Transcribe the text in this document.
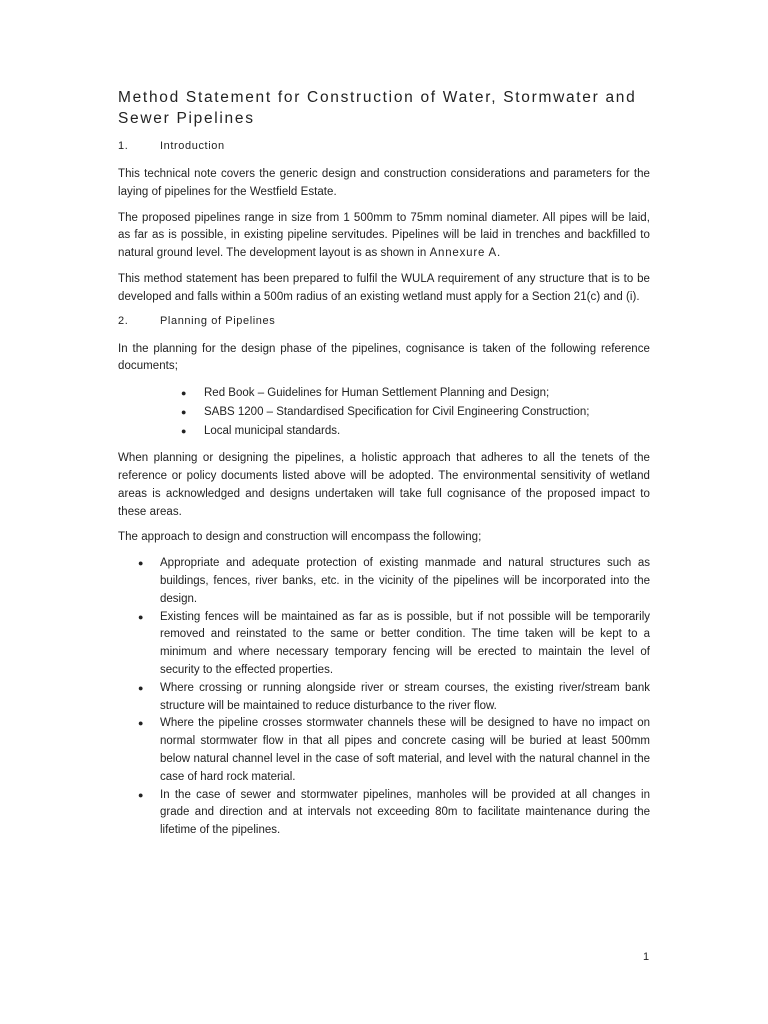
Method Statement for Construction of Water, Stormwater and Sewer Pipelines
1.	Introduction

This technical note covers the generic design and construction considerations and parameters for the laying of pipelines for the Westfield Estate.

The proposed pipelines range in size from 1 500mm to 75mm nominal diameter. All pipes will be laid, as far as is possible, in existing pipeline servitudes. Pipelines will be laid in trenches and backfilled to natural ground level. The development layout is as shown in Annexure A.

This method statement has been prepared to fulfil the WULA requirement of any structure that is to be developed and falls within a 500m radius of an existing wetland must apply for a Section 21(c) and (i).

2.	Planning of Pipelines

In the planning for the design phase of the pipelines, cognisance is taken of the following reference documents;

● Red Book – Guidelines for Human Settlement Planning and Design;
● SABS 1200 – Standardised Specification for Civil Engineering Construction;
● Local municipal standards.

When planning or designing the pipelines, a holistic approach that adheres to all the tenets of the reference or policy documents listed above will be adopted. The environmental sensitivity of wetland areas is acknowledged and designs undertaken will take full cognisance of the proposed impact to these areas.

The approach to design and construction will encompass the following;

● Appropriate and adequate protection of existing manmade and natural structures such as buildings, fences, river banks, etc. in the vicinity of the pipelines will be incorporated into the design.
● Existing fences will be maintained as far as is possible, but if not possible will be temporarily removed and reinstated to the same or better condition. The time taken will be kept to a minimum and where necessary temporary fencing will be erected to maintain the level of security to the effected properties.
● Where crossing or running alongside river or stream courses, the existing river/stream bank structure will be maintained to reduce disturbance to the river flow.
● Where the pipeline crosses stormwater channels these will be designed to have no impact on normal stormwater flow in that all pipes and concrete casing will be buried at least 500mm below natural channel level in the case of soft material, and level with the natural channel in the case of hard rock material.
● In the case of sewer and stormwater pipelines, manholes will be provided at all changes in grade and direction and at intervals not exceeding 80m to facilitate maintenance during the lifetime of the pipelines.
1
